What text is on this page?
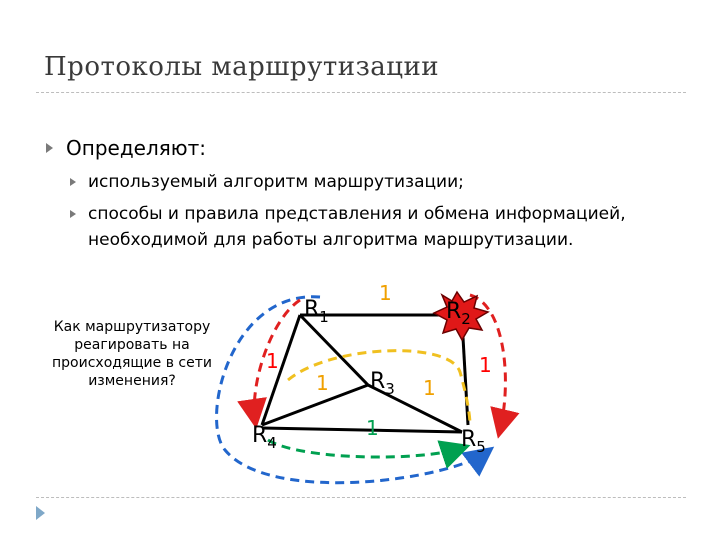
Протоколы маршрутизации
Определяют:
используемый алгоритм маршрутизации;
способы и правила представления и обмена информацией,
необходимой для работы алгоритма маршрутизации.
Как маршрутизатору
реагировать на
происходящие в сети
изменения?
$R_1$	$R_2$
$R_3$
$R_4$	$R_5$
1
1
1	1
1
1
